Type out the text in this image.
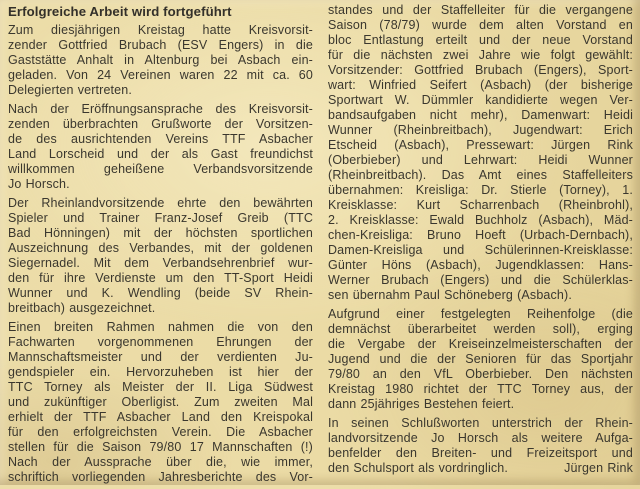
Erfolgreiche Arbeit wird fortgeführt
Zum diesjährigen Kreistag hatte Kreisvorsit-
zender Gottfried Brubach (ESV Engers) in die
Gaststätte Anhalt in Altenburg bei Asbach ein-
geladen. Von 24 Vereinen waren 22 mit ca. 60
Delegierten vertreten.
Nach der Eröffnungsansprache des Kreisvorsit-
zenden überbrachten Grußworte der Vorsitzen-
de des ausrichtenden Vereins TTF Asbacher
Land Lorscheid und der als Gast freundichst
willkommen geheißene Verbandsvorsitzende
Jo Horsch.
Der Rheinlandvorsitzende ehrte den bewährten
Spieler und Trainer Franz-Josef Greib (TTC
Bad Hönningen) mit der höchsten sportlichen
Auszeichnung des Verbandes, mit der goldenen
Siegernadel. Mit dem Verbandsehrenbrief wur-
den für ihre Verdienste um den TT-Sport Heidi
Wunner und K. Wendling (beide SV Rhein-
breitbach) ausgezeichnet.
Einen breiten Rahmen nahmen die von den
Fachwarten vorgenommenen Ehrungen der
Mannschaftsmeister und der verdienten Ju-
gendspieler ein. Hervorzuheben ist hier der
TTC Torney als Meister der II. Liga Südwest
und zukünftiger Oberligist. Zum zweiten Mal
erhielt der TTF Asbacher Land den Kreispokal
für den erfolgreichsten Verein. Die Asbacher
stellen für die Saison 79/80 17 Mannschaften (!)
Nach der Aussprache über die, wie immer,
schriftich vorliegenden Jahresberichte des Vor-
standes und der Staffelleiter für die vergangene
Saison (78/79) wurde dem alten Vorstand en
bloc Entlastung erteilt und der neue Vorstand
für die nächsten zwei Jahre wie folgt gewählt:
Vorsitzender: Gottfried Brubach (Engers), Sport-
wart: Winfried Seifert (Asbach) (der bisherige
Sportwart W. Dümmler kandidierte wegen Ver-
bandsaufgaben nicht mehr), Damenwart: Heidi
Wunner (Rheinbreitbach), Jugendwart: Erich
Etscheid (Asbach), Pressewart: Jürgen Rink
(Oberbieber) und Lehrwart: Heidi Wunner
(Rheinbreitbach). Das Amt eines Staffelleiters
übernahmen: Kreisliga: Dr. Stierle (Torney), 1.
Kreisklasse: Kurt Scharrenbach (Rheinbrohl),
2. Kreisklasse: Ewald Buchholz (Asbach), Mäd-
chen-Kreisliga: Bruno Hoeft (Urbach-Dernbach),
Damen-Kreisliga und Schülerinnen-Kreisklasse:
Günter Höns (Asbach), Jugendklassen: Hans-
Werner Brubach (Engers) und die Schülerklas-
sen übernahm Paul Schöneberg (Asbach).
Aufgrund einer festgelegten Reihenfolge (die
demnächst überarbeitet werden soll), erging
die Vergabe der Kreiseinzelmeisterschaften der
Jugend und die der Senioren für das Sportjahr
79/80 an den VfL Oberbieber. Den nächsten
Kreistag 1980 richtet der TTC Torney aus, der
dann 25jähriges Bestehen feiert.
In seinen Schlußworten unterstrich der Rhein-
landvorsitzende Jo Horsch als weitere Aufga-
benfelder den Breiten- und Freizeitsport und
den Schulsport als vordringlich.	Jürgen Rink
